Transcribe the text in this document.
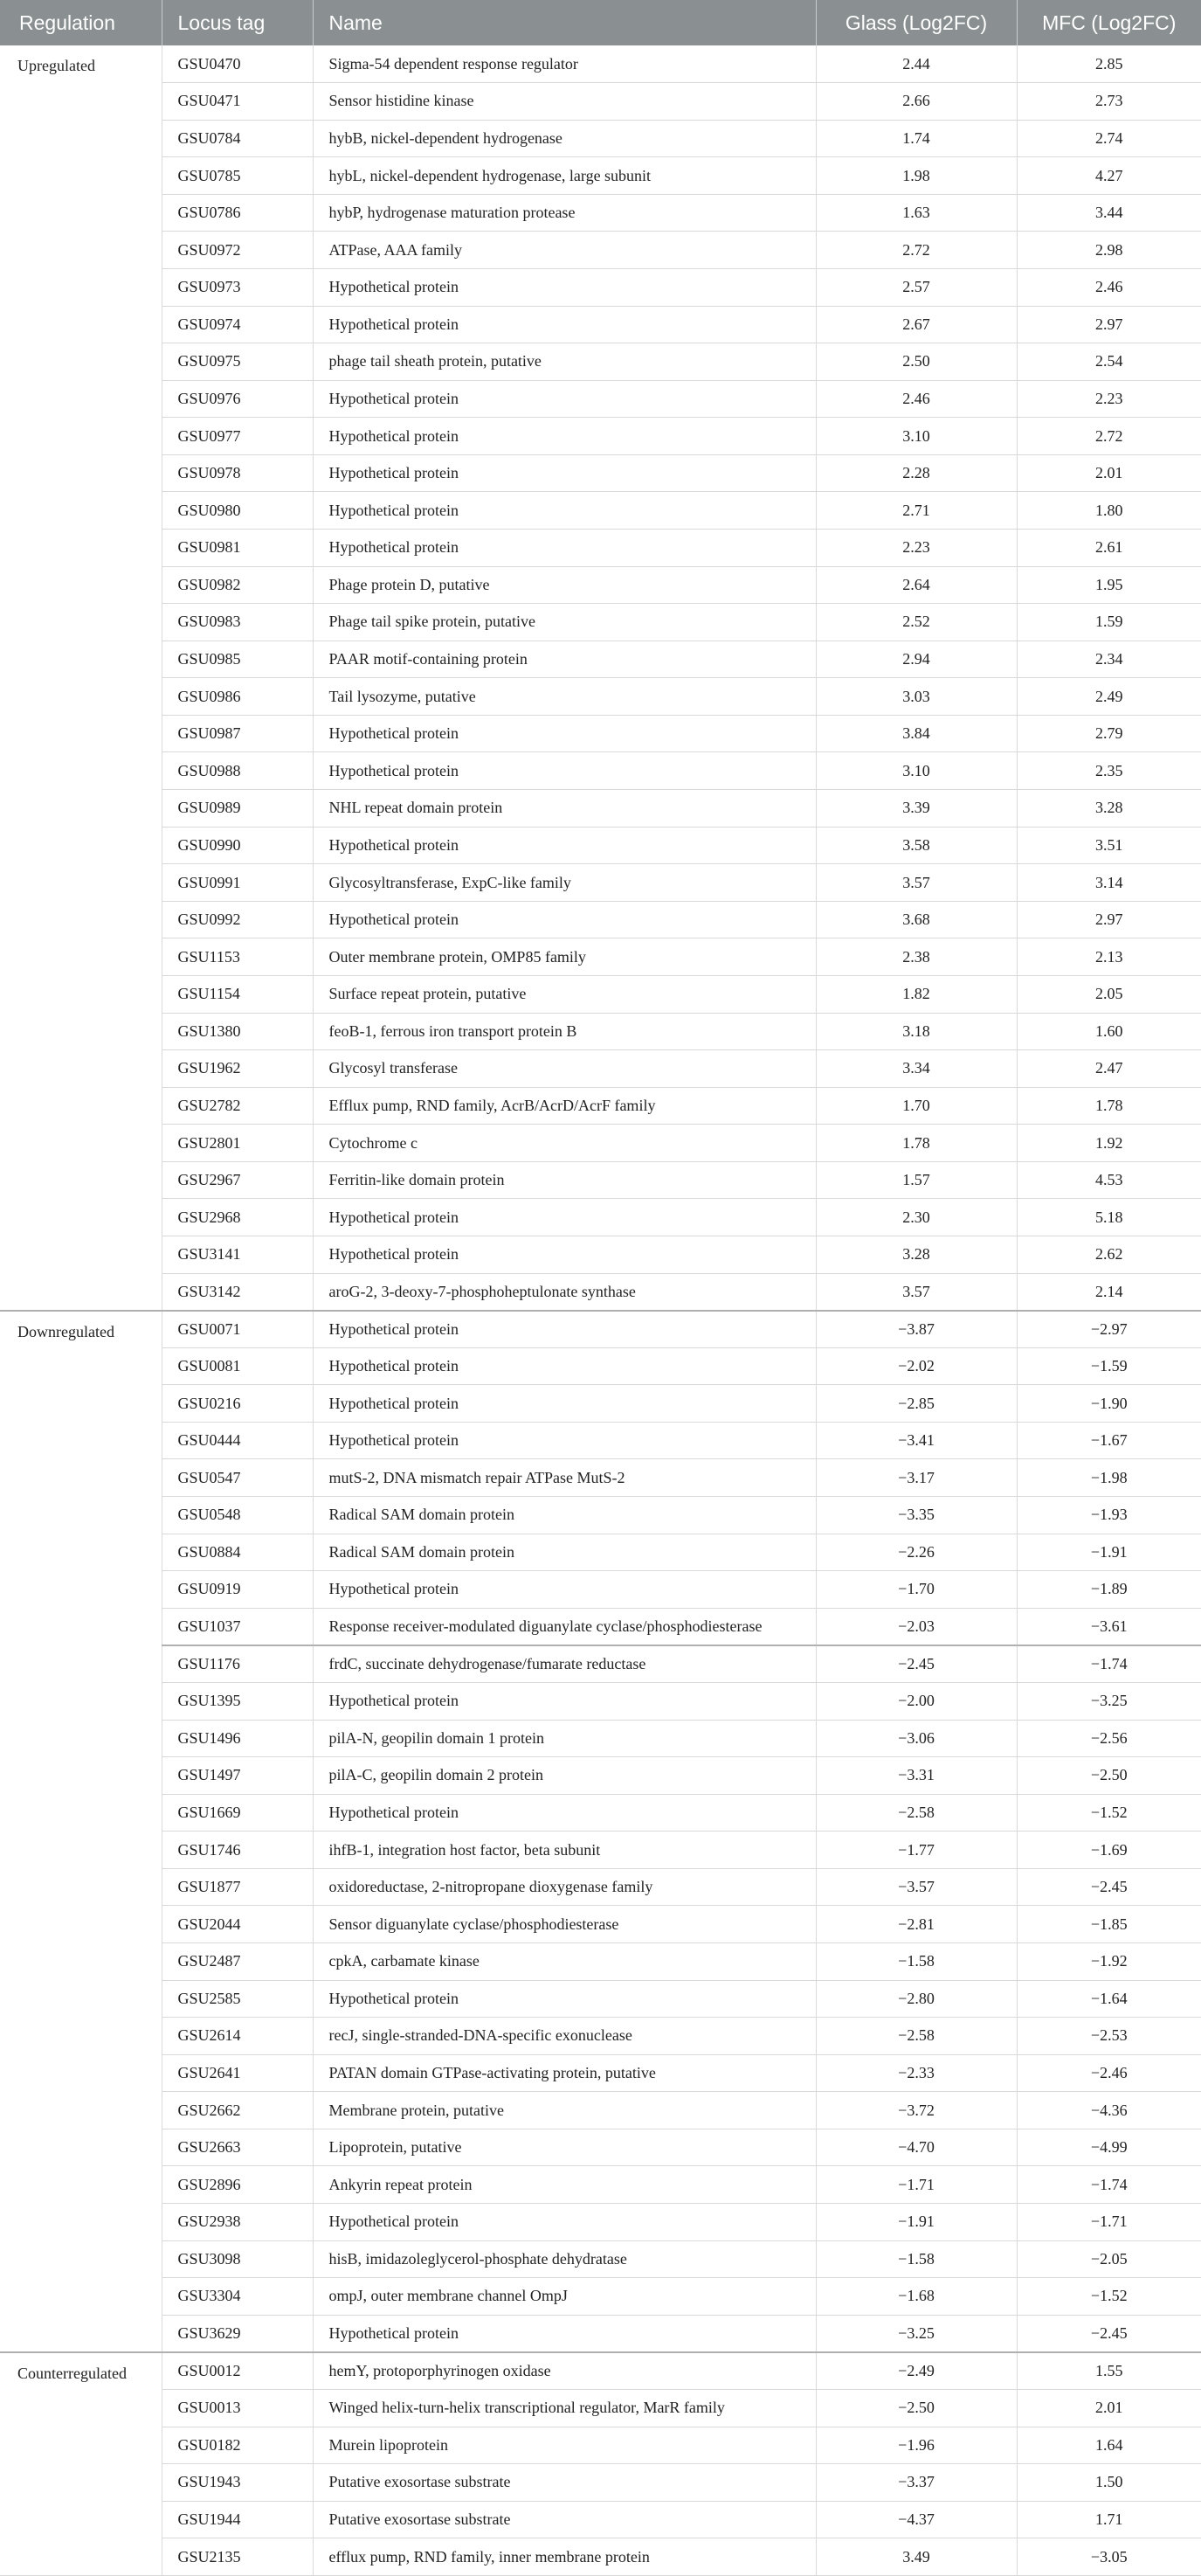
Regulation	Locus tag	Name	Glass (Log2FC)	MFC (Log2FC)
Upregulated	GSU0470	Sigma-54 dependent response regulator	2.44	2.85
	GSU0471	Sensor histidine kinase	2.66	2.73
	GSU0784	hybB, nickel-dependent hydrogenase	1.74	2.74
	GSU0785	hybL, nickel-dependent hydrogenase, large subunit	1.98	4.27
	GSU0786	hybP, hydrogenase maturation protease	1.63	3.44
	GSU0972	ATPase, AAA family	2.72	2.98
	GSU0973	Hypothetical protein	2.57	2.46
	GSU0974	Hypothetical protein	2.67	2.97
	GSU0975	phage tail sheath protein, putative	2.50	2.54
	GSU0976	Hypothetical protein	2.46	2.23
	GSU0977	Hypothetical protein	3.10	2.72
	GSU0978	Hypothetical protein	2.28	2.01
	GSU0980	Hypothetical protein	2.71	1.80
	GSU0981	Hypothetical protein	2.23	2.61
	GSU0982	Phage protein D, putative	2.64	1.95
	GSU0983	Phage tail spike protein, putative	2.52	1.59
	GSU0985	PAAR motif-containing protein	2.94	2.34
	GSU0986	Tail lysozyme, putative	3.03	2.49
	GSU0987	Hypothetical protein	3.84	2.79
	GSU0988	Hypothetical protein	3.10	2.35
	GSU0989	NHL repeat domain protein	3.39	3.28
	GSU0990	Hypothetical protein	3.58	3.51
	GSU0991	Glycosyltransferase, ExpC-like family	3.57	3.14
	GSU0992	Hypothetical protein	3.68	2.97
	GSU1153	Outer membrane protein, OMP85 family	2.38	2.13
	GSU1154	Surface repeat protein, putative	1.82	2.05
	GSU1380	feoB-1, ferrous iron transport protein B	3.18	1.60
	GSU1962	Glycosyl transferase	3.34	2.47
	GSU2782	Efflux pump, RND family, AcrB/AcrD/AcrF family	1.70	1.78
	GSU2801	Cytochrome c	1.78	1.92
	GSU2967	Ferritin-like domain protein	1.57	4.53
	GSU2968	Hypothetical protein	2.30	5.18
	GSU3141	Hypothetical protein	3.28	2.62
	GSU3142	aroG-2, 3-deoxy-7-phosphoheptulonate synthase	3.57	2.14
Downregulated	GSU0071	Hypothetical protein	−3.87	−2.97
	GSU0081	Hypothetical protein	−2.02	−1.59
	GSU0216	Hypothetical protein	−2.85	−1.90
	GSU0444	Hypothetical protein	−3.41	−1.67
	GSU0547	mutS-2, DNA mismatch repair ATPase MutS-2	−3.17	−1.98
	GSU0548	Radical SAM domain protein	−3.35	−1.93
	GSU0884	Radical SAM domain protein	−2.26	−1.91
	GSU0919	Hypothetical protein	−1.70	−1.89
	GSU1037	Response receiver-modulated diguanylate cyclase/phosphodiesterase	−2.03	−3.61
	GSU1176	frdC, succinate dehydrogenase/fumarate reductase	−2.45	−1.74
	GSU1395	Hypothetical protein	−2.00	−3.25
	GSU1496	pilA-N, geopilin domain 1 protein	−3.06	−2.56
	GSU1497	pilA-C, geopilin domain 2 protein	−3.31	−2.50
	GSU1669	Hypothetical protein	−2.58	−1.52
	GSU1746	ihfB-1, integration host factor, beta subunit	−1.77	−1.69
	GSU1877	oxidoreductase, 2-nitropropane dioxygenase family	−3.57	−2.45
	GSU2044	Sensor diguanylate cyclase/phosphodiesterase	−2.81	−1.85
	GSU2487	cpkA, carbamate kinase	−1.58	−1.92
	GSU2585	Hypothetical protein	−2.80	−1.64
	GSU2614	recJ, single-stranded-DNA-specific exonuclease	−2.58	−2.53
	GSU2641	PATAN domain GTPase-activating protein, putative	−2.33	−2.46
	GSU2662	Membrane protein, putative	−3.72	−4.36
	GSU2663	Lipoprotein, putative	−4.70	−4.99
	GSU2896	Ankyrin repeat protein	−1.71	−1.74
	GSU2938	Hypothetical protein	−1.91	−1.71
	GSU3098	hisB, imidazoleglycerol-phosphate dehydratase	−1.58	−2.05
	GSU3304	ompJ, outer membrane channel OmpJ	−1.68	−1.52
	GSU3629	Hypothetical protein	−3.25	−2.45
Counterregulated	GSU0012	hemY, protoporphyrinogen oxidase	−2.49	1.55
	GSU0013	Winged helix-turn-helix transcriptional regulator, MarR family	−2.50	2.01
	GSU0182	Murein lipoprotein	−1.96	1.64
	GSU1943	Putative exosortase substrate	−3.37	1.50
	GSU1944	Putative exosortase substrate	−4.37	1.71
	GSU2135	efflux pump, RND family, inner membrane protein	3.49	−3.05
